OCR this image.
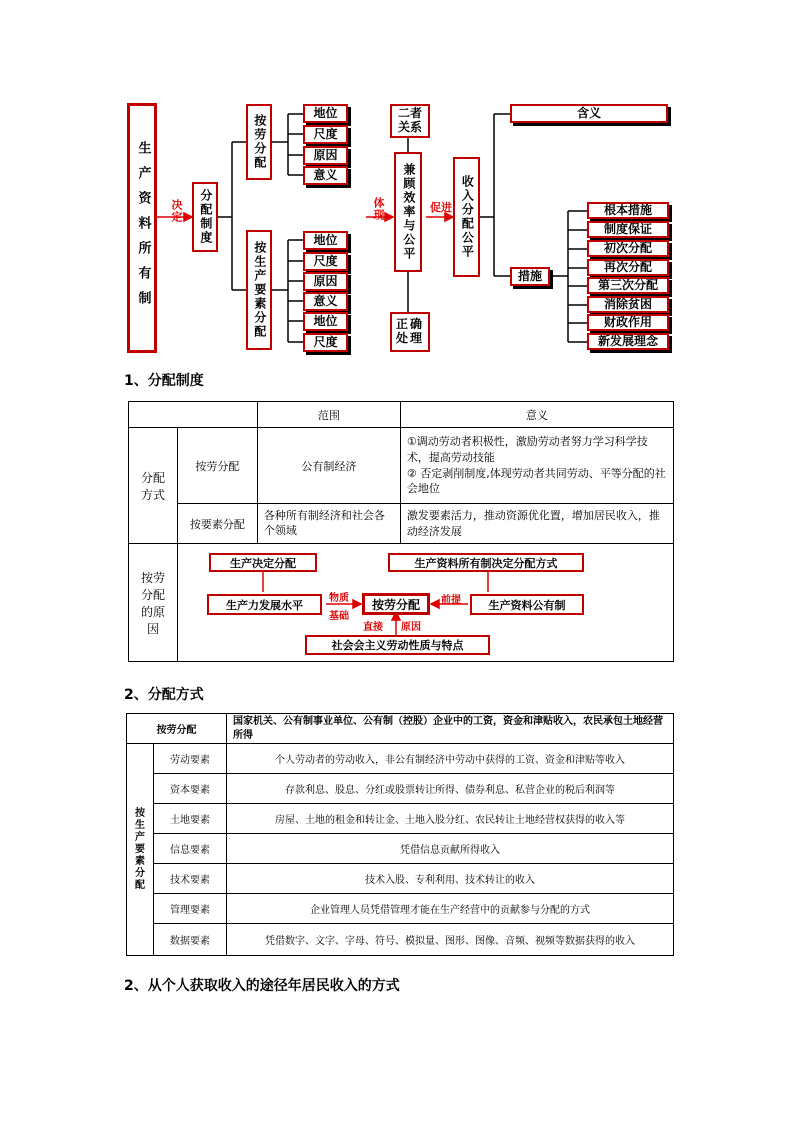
生产资料所有制	决定	分配制度
按劳分配
地位
尺度
原因
意义
按生产要素分配
地位
尺度
原因
意义
地位
尺度
体现
二者关系
兼顾效率与公平
正确处理
促进 收入分配公平
含义
措施
根本措施
制度保证
初次分配
再次分配
第三次分配
消除贫困
财政作用
新发展理念
1、分配制度
		范围	意义

分配方式	按劳分配	公有制经济	①调动劳动者积极性，激励劳动者努力学习科学技术，提高劳动技能
② 否定剥削制度,体现劳动者共同劳动、平等分配的社会地位

	按要素分配	各种所有制经济和社会各个领域	激发要素活力，推动资源优化置，增加居民收入，推动经济发展

按劳分配的原因			

生产决定分配	生产资料所有制决定分配方式
生产力发展水平	物质
基础
按劳分配	前提	生产资料公有制
直接 原因
社会会主义劳动性质与特点
2、分配方式
按劳分配		国家机关、公有制事业单位、公有制（控股）企业中的工资，资金和津贴收入，农民承包土地经营所得

按生产要素分配	劳动要素	个人劳动者的劳动收入，非公有制经济中劳动中获得的工资、资金和津贴等收入
	资本要素	存款利息、股息、分红或股票转让所得、债券利息、私营企业的税后利润等
	土地要素	房屋、土地的租金和转让金、土地入股分红、农民转让土地经营权获得的收入等
	信息要素	凭借信息贡献所得收入
	技术要素	技术入股、专利利用、技术转让的收入
	管理要素	企业管理人员凭借管理才能在生产经营中的贡献参与分配的方式
	数据要素	凭借数字、文字、字母、符号、模拟量、图形、图像、音频、视频等数据获得的收入
2、从个人获取收入的途径年居民收入的方式
